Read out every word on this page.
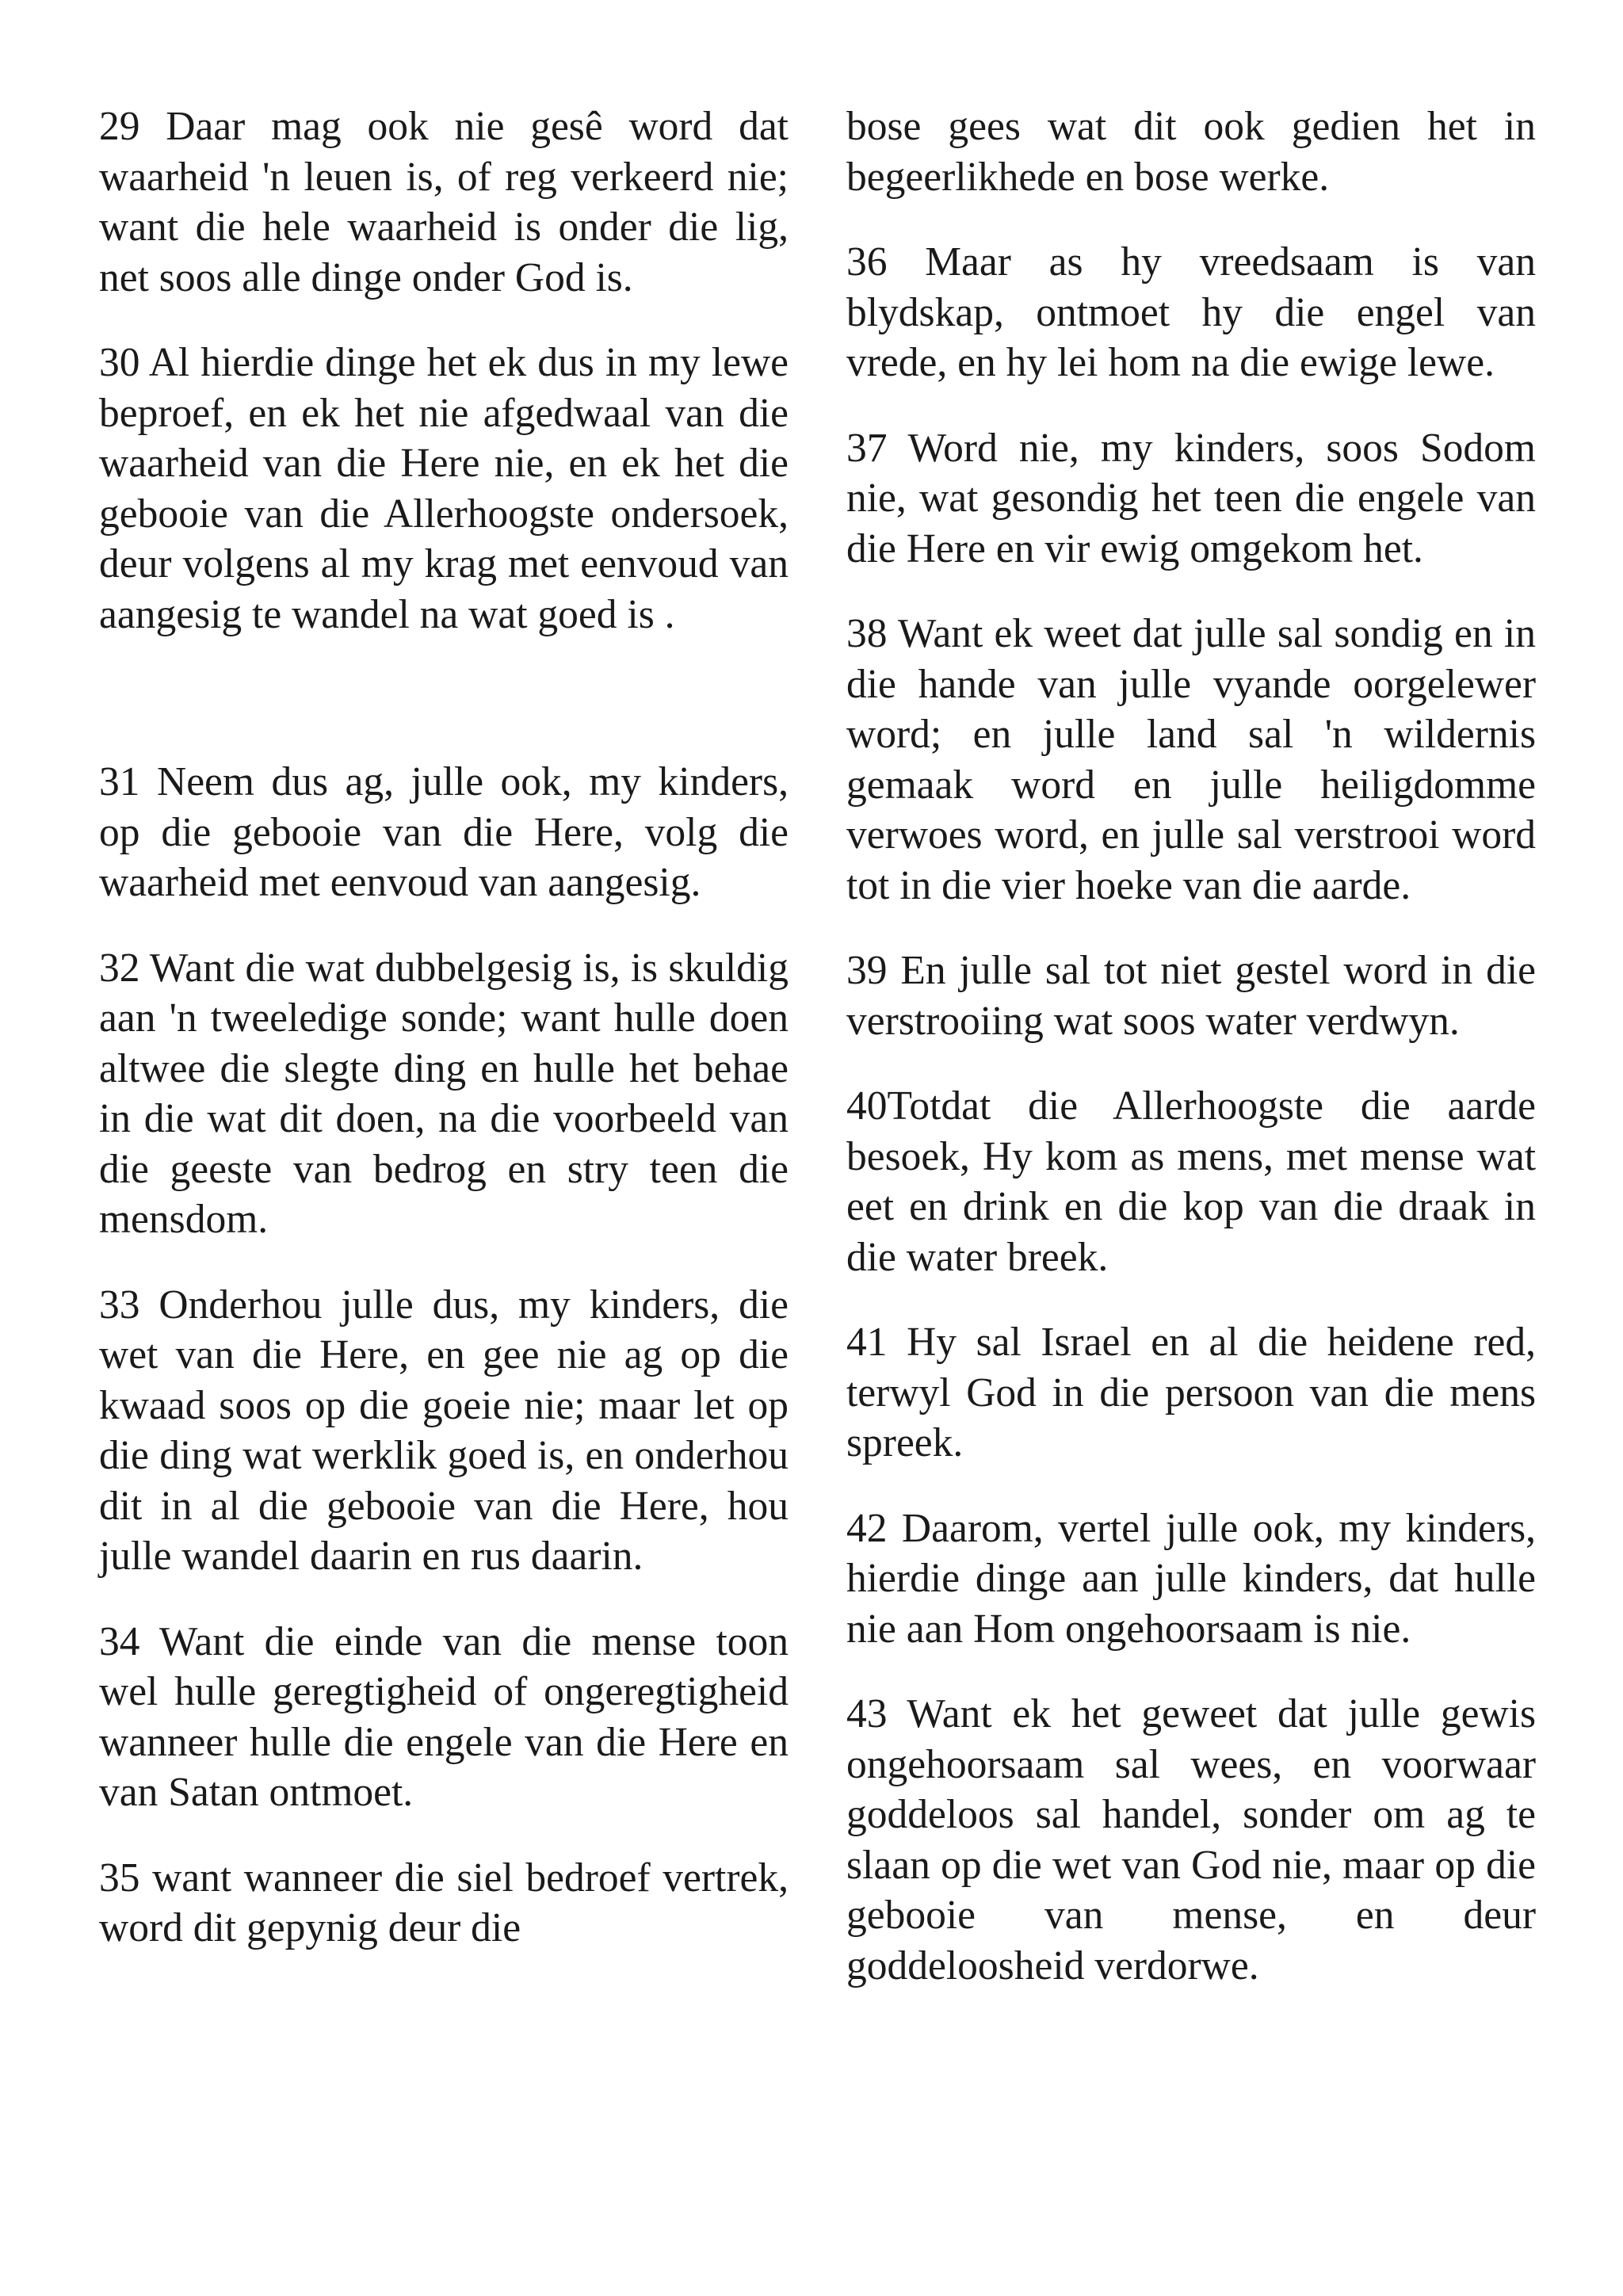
29 Daar mag ook nie gesê word dat waarheid 'n leuen is, of reg verkeerd nie; want die hele waarheid is onder die lig, net soos alle dinge onder God is.

30 Al hierdie dinge het ek dus in my lewe beproef, en ek het nie afgedwaal van die waarheid van die Here nie, en ek het die gebooie van die Allerhoogste ondersoek, deur volgens al my krag met eenvoud van aangesig te wandel na wat goed is .

31 Neem dus ag, julle ook, my kinders, op die gebooie van die Here, volg die waarheid met eenvoud van aangesig.

32 Want die wat dubbelgesig is, is skuldig aan 'n tweeledige sonde; want hulle doen altwee die slegte ding en hulle het behae in die wat dit doen, na die voorbeeld van die geeste van bedrog en stry teen die mensdom.

33 Onderhou julle dus, my kinders, die wet van die Here, en gee nie ag op die kwaad soos op die goeie nie; maar let op die ding wat werklik goed is, en onderhou dit in al die gebooie van die Here, hou julle wandel daarin en rus daarin.

34 Want die einde van die mense toon wel hulle geregtigheid of ongeregtigheid wanneer hulle die engele van die Here en van Satan ontmoet.

35 want wanneer die siel bedroef vertrek, word dit gepynig deur die

bose gees wat dit ook gedien het in begeerlikhede en bose werke.

36 Maar as hy vreedsaam is van blydskap, ontmoet hy die engel van vrede, en hy lei hom na die ewige lewe.

37 Word nie, my kinders, soos Sodom nie, wat gesondig het teen die engele van die Here en vir ewig omgekom het.

38 Want ek weet dat julle sal sondig en in die hande van julle vyande oorgelewer word; en julle land sal 'n wildernis gemaak word en julle heiligdomme verwoes word, en julle sal verstrooi word tot in die vier hoeke van die aarde.

39 En julle sal tot niet gestel word in die verstrooiing wat soos water verdwyn.

40Totdat die Allerhoogste die aarde besoek, Hy kom as mens, met mense wat eet en drink en die kop van die draak in die water breek.

41 Hy sal Israel en al die heidene red, terwyl God in die persoon van die mens spreek.

42 Daarom, vertel julle ook, my kinders, hierdie dinge aan julle kinders, dat hulle nie aan Hom ongehoorsaam is nie.

43 Want ek het geweet dat julle gewis ongehoorsaam sal wees, en voorwaar goddeloos sal handel, sonder om ag te slaan op die wet van God nie, maar op die gebooie van mense, en deur goddeloosheid verdorwe.
